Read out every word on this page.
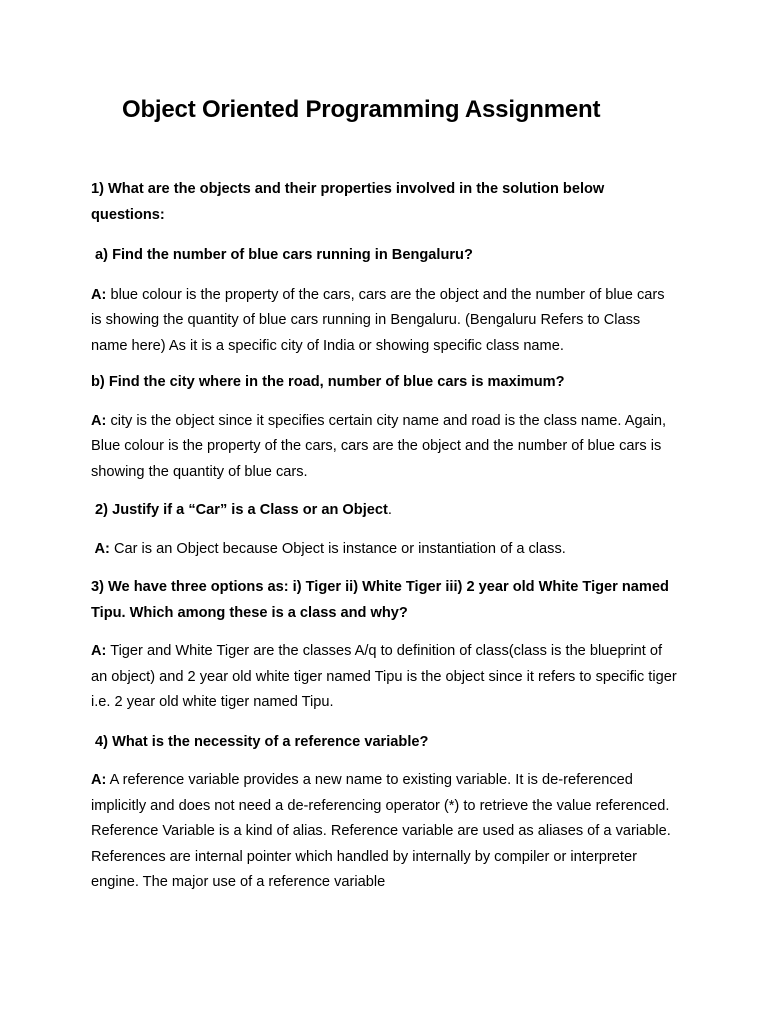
Object Oriented Programming Assignment

1) What are the objects and their properties involved in the solution below questions:

a) Find the number of blue cars running in Bengaluru?

A: blue colour is the property of the cars, cars are the object and the number of blue cars is showing the quantity of blue cars running in Bengaluru. (Bengaluru Refers to Class name here) As it is a specific city of India or showing specific class name.

b) Find the city where in the road, number of blue cars is maximum?

A: city is the object since it specifies certain city name and road is the class name. Again, Blue colour is the property of the cars, cars are the object and the number of blue cars is showing the quantity of blue cars.

2) Justify if a “Car” is a Class or an Object.

A: Car is an Object because Object is instance or instantiation of a class.

3) We have three options as: i) Tiger ii) White Tiger iii) 2 year old White Tiger named Tipu. Which among these is a class and why?

A: Tiger and White Tiger are the classes A/q to definition of class(class is the blueprint of an object) and 2 year old white tiger named Tipu is the object since it refers to specific tiger i.e. 2 year old white tiger named Tipu.

4) What is the necessity of a reference variable?

A: A reference variable provides a new name to existing variable. It is de-referenced implicitly and does not need a de-referencing operator (*) to retrieve the value referenced. Reference Variable is a kind of alias. Reference variable are used as aliases of a variable. References are internal pointer which handled by internally by compiler or interpreter engine. The major use of a reference variable
